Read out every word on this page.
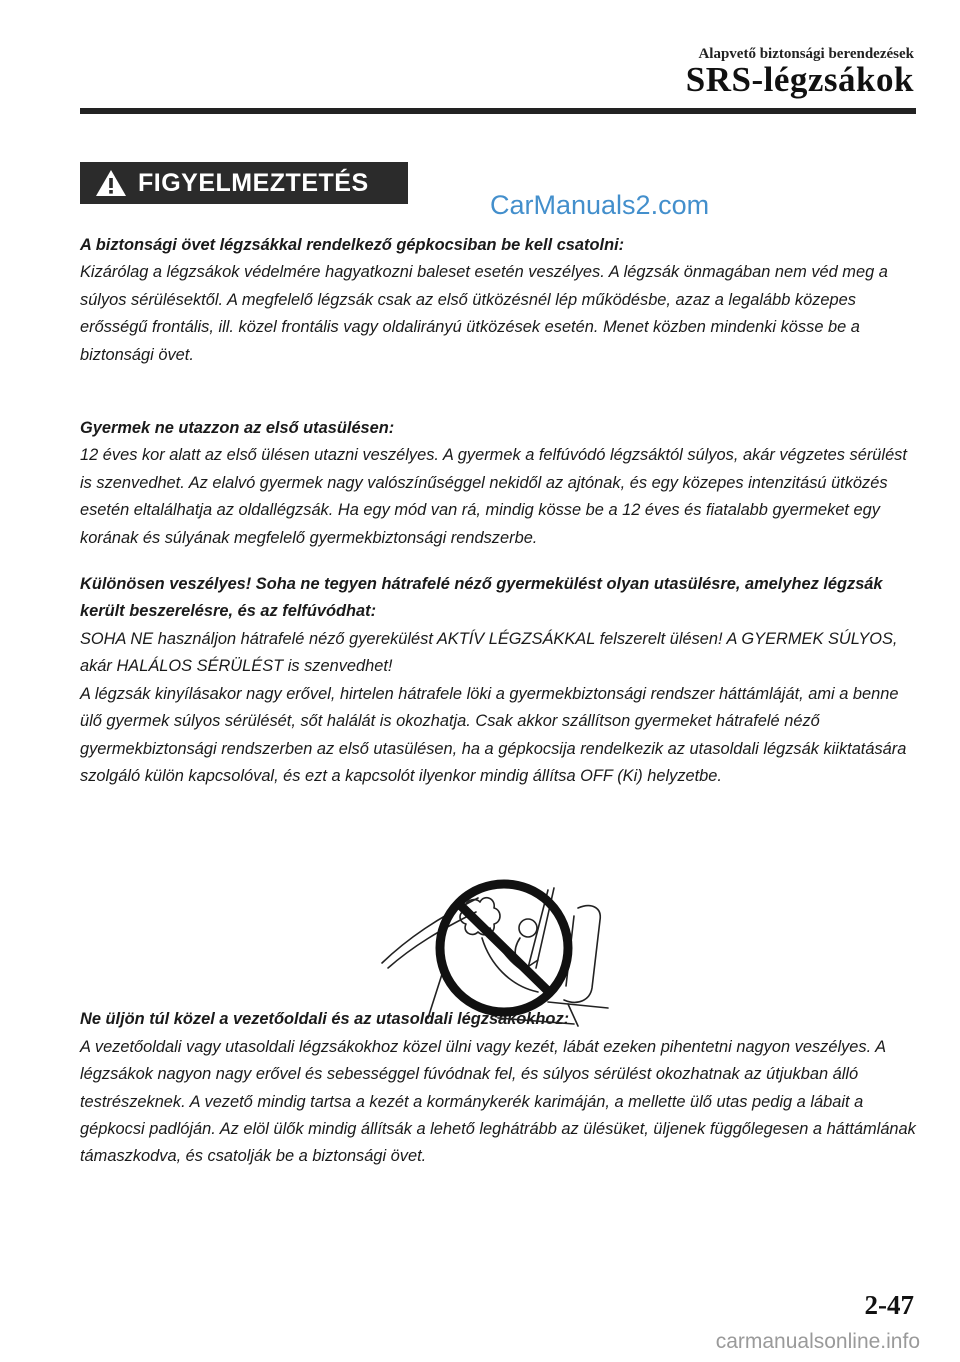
Alapvető biztonsági berendezések
SRS-légzsákok
FIGYELMEZTETÉS
CarManuals2.com

A biztonsági övet légzsákkal rendelkező gépkocsiban be kell csatolni:

Kizárólag a légzsákok védelmére hagyatkozni baleset esetén veszélyes. A légzsák önmagában nem véd meg a súlyos sérülésektől. A megfelelő légzsák csak az első ütközésnél lép működésbe, azaz a legalább közepes erősségű frontális, ill. közel frontális vagy oldalirányú ütközések esetén. Menet közben mindenki kösse be a biztonsági övet.

Gyermek ne utazzon az első utasülésen:

12 éves kor alatt az első ülésen utazni veszélyes. A gyermek a felfúvódó légzsáktól súlyos, akár végzetes sérülést is szenvedhet. Az elalvó gyermek nagy valószínűséggel nekidől az ajtónak, és egy közepes intenzitású ütközés esetén eltalálhatja az oldallégzsák. Ha egy mód van rá, mindig kösse be a 12 éves és fiatalabb gyermeket egy korának és súlyának megfelelő gyermekbiztonsági rendszerbe.

Különösen veszélyes! Soha ne tegyen hátrafelé néző gyermekülést olyan utasülésre, amelyhez légzsák került beszerelésre, és az felfúvódhat:

SOHA NE használjon hátrafelé néző gyerekülést AKTÍV LÉGZSÁKKAL felszerelt ülésen! A GYERMEK SÚLYOS, akár HALÁLOS SÉRÜLÉST is szenvedhet!

A légzsák kinyílásakor nagy erővel, hirtelen hátrafele löki a gyermekbiztonsági rendszer háttámláját, ami a benne ülő gyermek súlyos sérülését, sőt halálát is okozhatja. Csak akkor szállítson gyermeket hátrafelé néző gyermekbiztonsági rendszerben az első utasülésen, ha a gépkocsija rendelkezik az utasoldali légzsák kiiktatására szolgáló külön kapcsolóval, és ezt a kapcsolót ilyenkor mindig állítsa OFF (Ki) helyzetbe.

Ne üljön túl közel a vezetőoldali és az utasoldali légzsákokhoz:

A vezetőoldali vagy utasoldali légzsákokhoz közel ülni vagy kezét, lábát ezeken pihentetni nagyon veszélyes. A légzsákok nagyon nagy erővel és sebességgel fúvódnak fel, és súlyos sérülést okozhatnak az útjukban álló testrészeknek. A vezető mindig tartsa a kezét a kormánykerék karimáján, a mellette ülő utas pedig a lábait a gépkocsi padlóján. Az elöl ülők mindig állítsák a lehető leghátrább az ülésüket, üljenek függőlegesen a háttámlának támaszkodva, és csatolják be a biztonsági övet.

2-47
carmanualsonline.info
